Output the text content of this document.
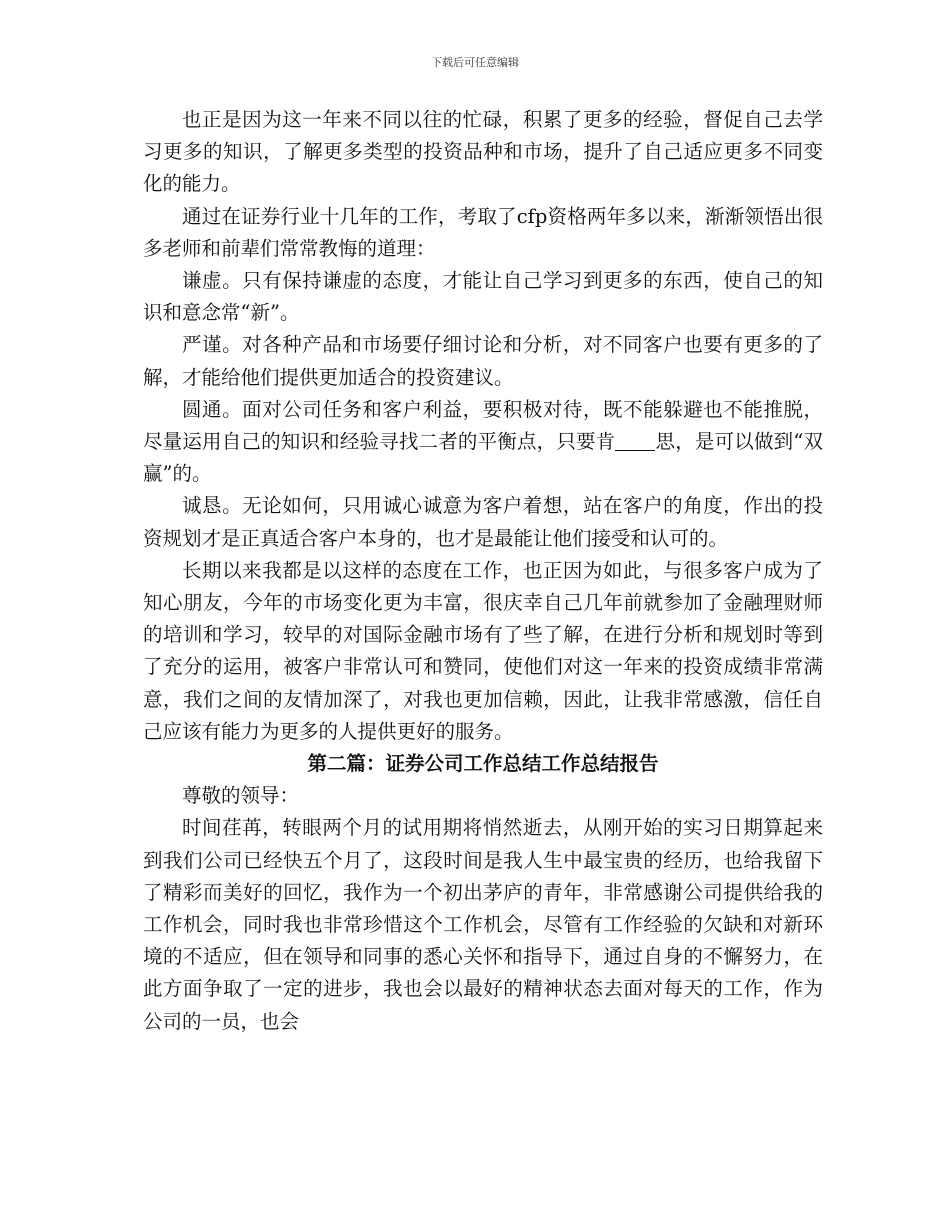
下载后可任意编辑

也正是因为这一年来不同以往的忙碌，积累了更多的经验，督促自己去学习更多的知识，了解更多类型的投资品种和市场，提升了自己适应更多不同变化的能力。

通过在证券行业十几年的工作，考取了cfp资格两年多以来，渐渐领悟出很多老师和前辈们常常教悔的道理：

谦虚。只有保持谦虚的态度，才能让自己学习到更多的东西，使自己的知识和意念常“新”。

严谨。对各种产品和市场要仔细讨论和分析，对不同客户也要有更多的了解，才能给他们提供更加适合的投资建议。

圆通。面对公司任务和客户利益，要积极对待，既不能躲避也不能推脱，尽量运用自己的知识和经验寻找二者的平衡点，只要肯 思，是可以做到“双赢”的。

诚恳。无论如何，只用诚心诚意为客户着想，站在客户的角度，作出的投资规划才是正真适合客户本身的，也才是最能让他们接受和认可的。

长期以来我都是以这样的态度在工作，也正因为如此，与很多客户成为了知心朋友，今年的市场变化更为丰富，很庆幸自己几年前就参加了金融理财师的培训和学习，较早的对国际金融市场有了些了解，在进行分析和规划时等到了充分的运用，被客户非常认可和赞同，使他们对这一年来的投资成绩非常满意，我们之间的友情加深了，对我也更加信赖，因此，让我非常感激，信任自己应该有能力为更多的人提供更好的服务。

第二篇：证券公司工作总结工作总结报告

尊敬的领导：

时间荏苒，转眼两个月的试用期将悄然逝去，从刚开始的实习日期算起来到我们公司已经快五个月了，这段时间是我人生中最宝贵的经历，也给我留下了精彩而美好的回忆，我作为一个初出茅庐的青年，非常感谢公司提供给我的工作机会，同时我也非常珍惜这个工作机会，尽管有工作经验的欠缺和对新环境的不适应，但在领导和同事的悉心关怀和指导下，通过自身的不懈努力，在此方面争取了一定的进步，我也会以最好的精神状态去面对每天的工作，作为公司的一员，也会
